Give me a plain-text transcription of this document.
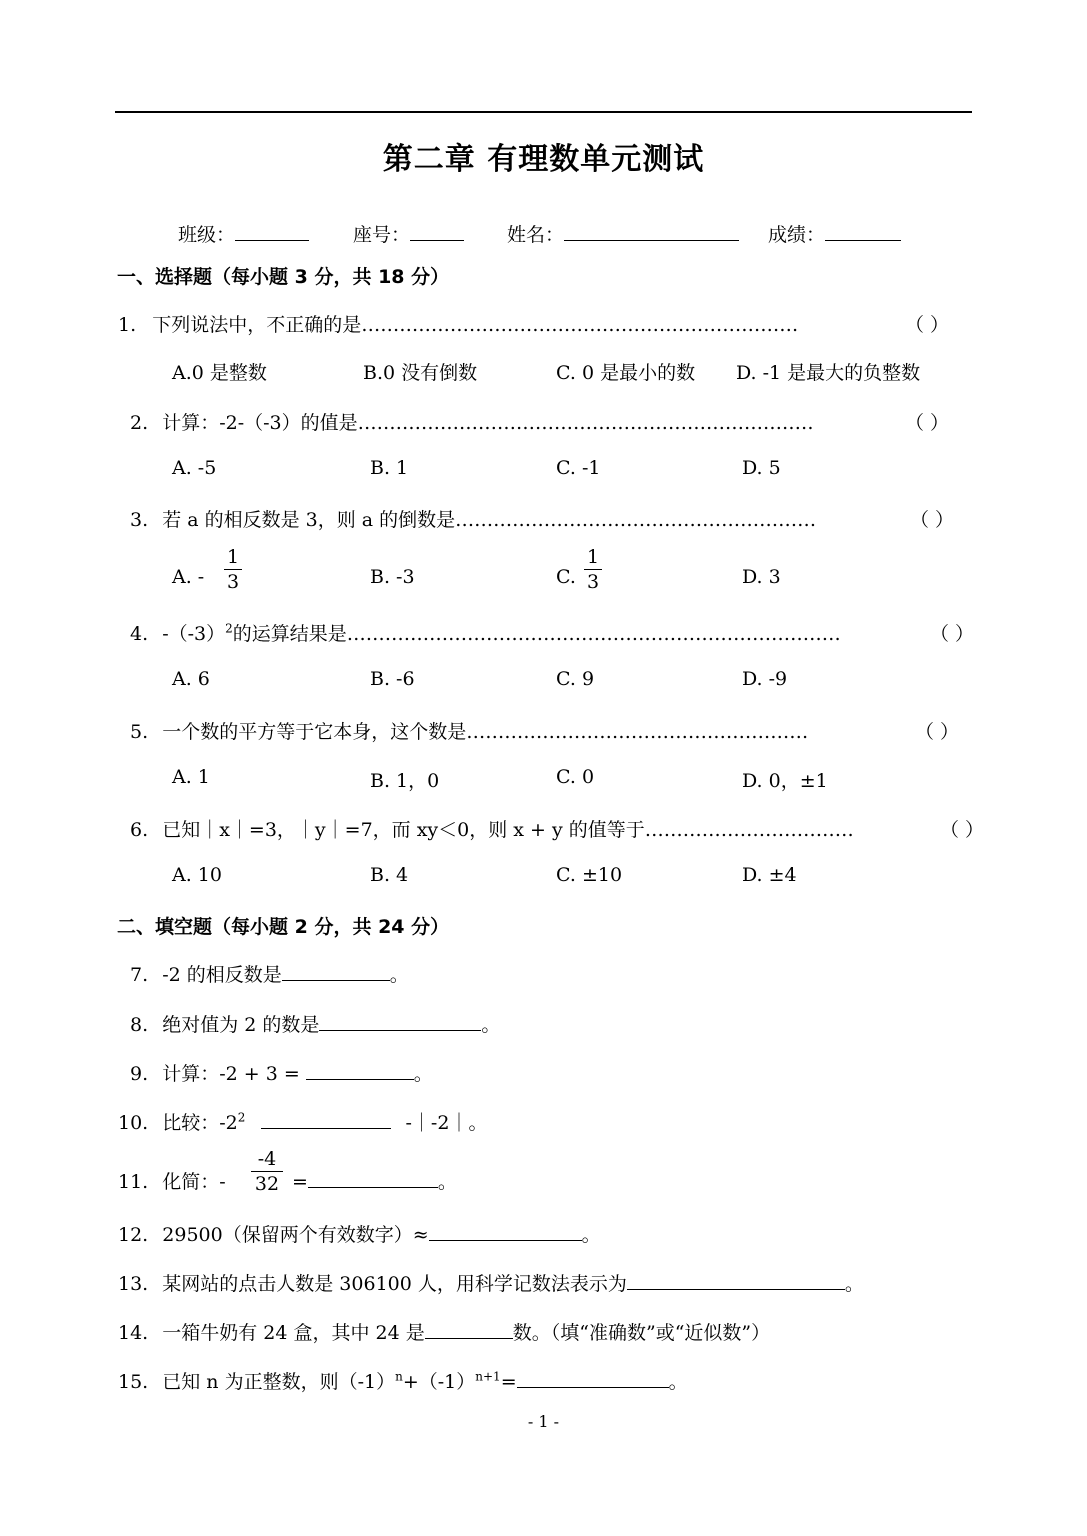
第二章 有理数单元测试
班级：	座号：	姓名：	成绩：
一、选择题（每小题 3 分，共 18 分）
1. 下列说法中，不正确的是……………………………………………………………	（ ）
A.0 是整数	B.0 没有倒数	C. 0 是最小的数 D. -1 是最大的负整数
2. 计算：-2-（-3）的值是………………………………………………………………	（ ）
A. -5	B. 1	C. -1	D. 5
3. 若 a 的相反数是 3，则 a 的倒数是…………………………………………………	（ ）
A. -
1
3	B. -3	C.
1
3	D. 3
4. $-(-3)^2$的运算结果是……………………………………………………………………	（ ）
A. 6	B. -6	C. 9	D. -9
5. 一个数的平方等于它本身，这个数是………………………………………………	（ ）
A. 1	B. 1，0	C. 0	D. 0，±1
6. 已知｜x｜=3，｜y｜=7，而 xy＜0，则 x + y 的值等于……………………………	（ ）
A. 10	B. 4	C. ±10	D. ±4
二、填空题（每小题 2 分，共 24 分）
7. -2 的相反数是	。
8. 绝对值为 2 的数是	。
9. 计算：-2 + 3 =	。
10. 比较：$-2^2$	-｜-2｜。
11. 化简：-
-4
32 =	。
12. 29500（保留两个有效数字）≈	。
13. 某网站的点击人数是 306100 人，用科学记数法表示为	。
14. 一箱牛奶有 24 盒，其中 24 是	数。（填“准确数”或“近似数”）
15. 已知 n 为正整数，则$(-1)^n+(-1)^{n+1}=$	。
- 1 -
